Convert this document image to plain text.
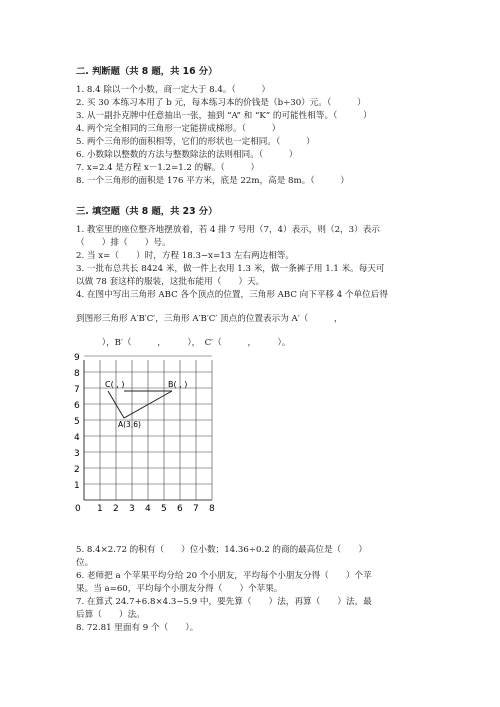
二. 判断题（共 8 题，共 16 分）
1. 8.4 除以一个小数，商一定大于 8.4。（　　　）
2. 买 30 本练习本用了 b 元，每本练习本的价钱是（b÷30）元。（　　　）
3. 从一副扑克牌中任意抽出一张，抽到 “A” 和 “K” 的可能性相等。（　　　）
4. 两个完全相同的三角形一定能拼成梯形。（　　　）
5. 两个三角形的面积相等，它们的形状也一定相同。（　　　）
6. 小数除以整数的方法与整数除法的法则相同。（　　　）
7. x=2.4 是方程 x－1.2=1.2 的解。（　　　）
8. 一个三角形的面积是 176 平方米，底是 22m，高是 8m。（　　　）
三. 填空题（共 8 题，共 23 分）
1. 教室里的座位整齐地摆放着，若 4 排 7 号用（7，4）表示，则（2，3）表示
（　　）排（　　）号。
2. 当 x=（　　）时，方程 18.3−x=13 左右两边相等。
3. 一批布总共长 8424 米，做一件上衣用 1.3 米，做一条裤子用 1.1 米。每天可
以做 78 套这样的服装，这批布能用（　　）天。
4. 在图中写出三角形 ABC 各个顶点的位置，三角形 ABC 向下平移 4 个单位后得
到图形三角形 A′B′C′，三角形 A′B′C′ 顶点的位置表示为 A′（　　　，
　　　），B′（　　　，　　　），　C′（　　　，　　　）。
0 1 2 3 4 5 6 7 8
9
8
7
6
5
4
3
2
1
C( , )	B( , )
A(3,6)
5. 8.4×2.72 的积有（　　）位小数；14.36÷0.2 的商的最高位是（　　）
位。
6. 老师把 a 个苹果平均分给 20 个小朋友，平均每个小朋友分得（　　）个苹
果。当 a=60，平均每个小朋友分得（　　）个苹果。
7. 在算式 24.7+6.8×4.3−5.9 中，要先算（　　）法，再算（　　）法，最
后算（　　）法。
8. 72.81 里面有 9 个（　　）。
